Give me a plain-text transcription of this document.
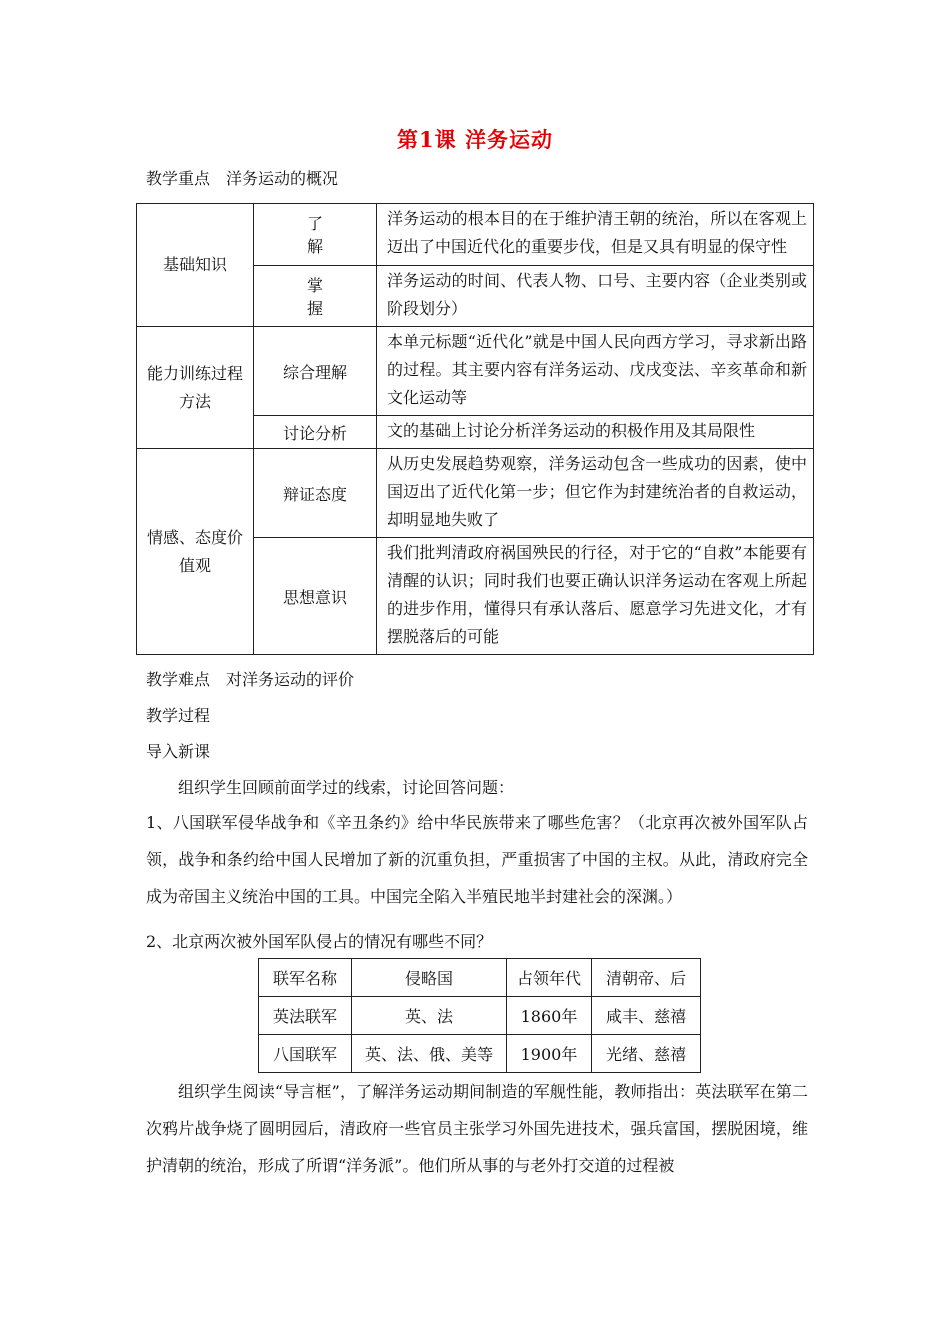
第1课 洋务运动
教学重点 洋务运动的概况
基础知识	了 解	洋务运动的根本目的在于维护清王朝的统治，所以在客观上迈出了中国近代化的重要步伐，但是又具有明显的保守性
	掌 握	洋务运动的时间、代表人物、口号、主要内容（企业类别或阶段划分）
能力训练过程方法	综合理解	本单元标题“近代化”就是中国人民向西方学习，寻求新出路的过程。其主要内容有洋务运动、戊戌变法、辛亥革命和新文化运动等
	讨论分析	文的基础上讨论分析洋务运动的积极作用及其局限性
情感、态度价 值观	辩证态度	从历史发展趋势观察，洋务运动包含一些成功的因素，使中国迈出了近代化第一步；但它作为封建统治者的自救运动，却明显地失败了
	思想意识	我们批判清政府祸国殃民的行径，对于它的“自救”本能要有清醒的认识；同时我们也要正确认识洋务运动在客观上所起的进步作用，懂得只有承认落后、愿意学习先进文化，才有摆脱落后的可能
教学难点 对洋务运动的评价
教学过程
导入新课
组织学生回顾前面学过的线索，讨论回答问题：
1、八国联军侵华战争和《辛丑条约》给中华民族带来了哪些危害？（北京再次被外国军队占领，战争和条约给中国人民增加了新的沉重负担，严重损害了中国的主权。从此，清政府完全成为帝国主义统治中国的工具。中国完全陷入半殖民地半封建社会的深渊。）
2、北京两次被外国军队侵占的情况有哪些不同？
联军名称	侵略国	占领年代	清朝帝、后
英法联军	英、法	1860年	咸丰、慈禧
八国联军	英、法、俄、美等	1900年	光绪、慈禧
组织学生阅读“导言框”，了解洋务运动期间制造的军舰性能，教师指出：英法联军在第二次鸦片战争烧了圆明园后，清政府一些官员主张学习外国先进技术，强兵富国，摆脱困境，维护清朝的统治，形成了所谓“洋务派”。他们所从事的与老外打交道的过程被
